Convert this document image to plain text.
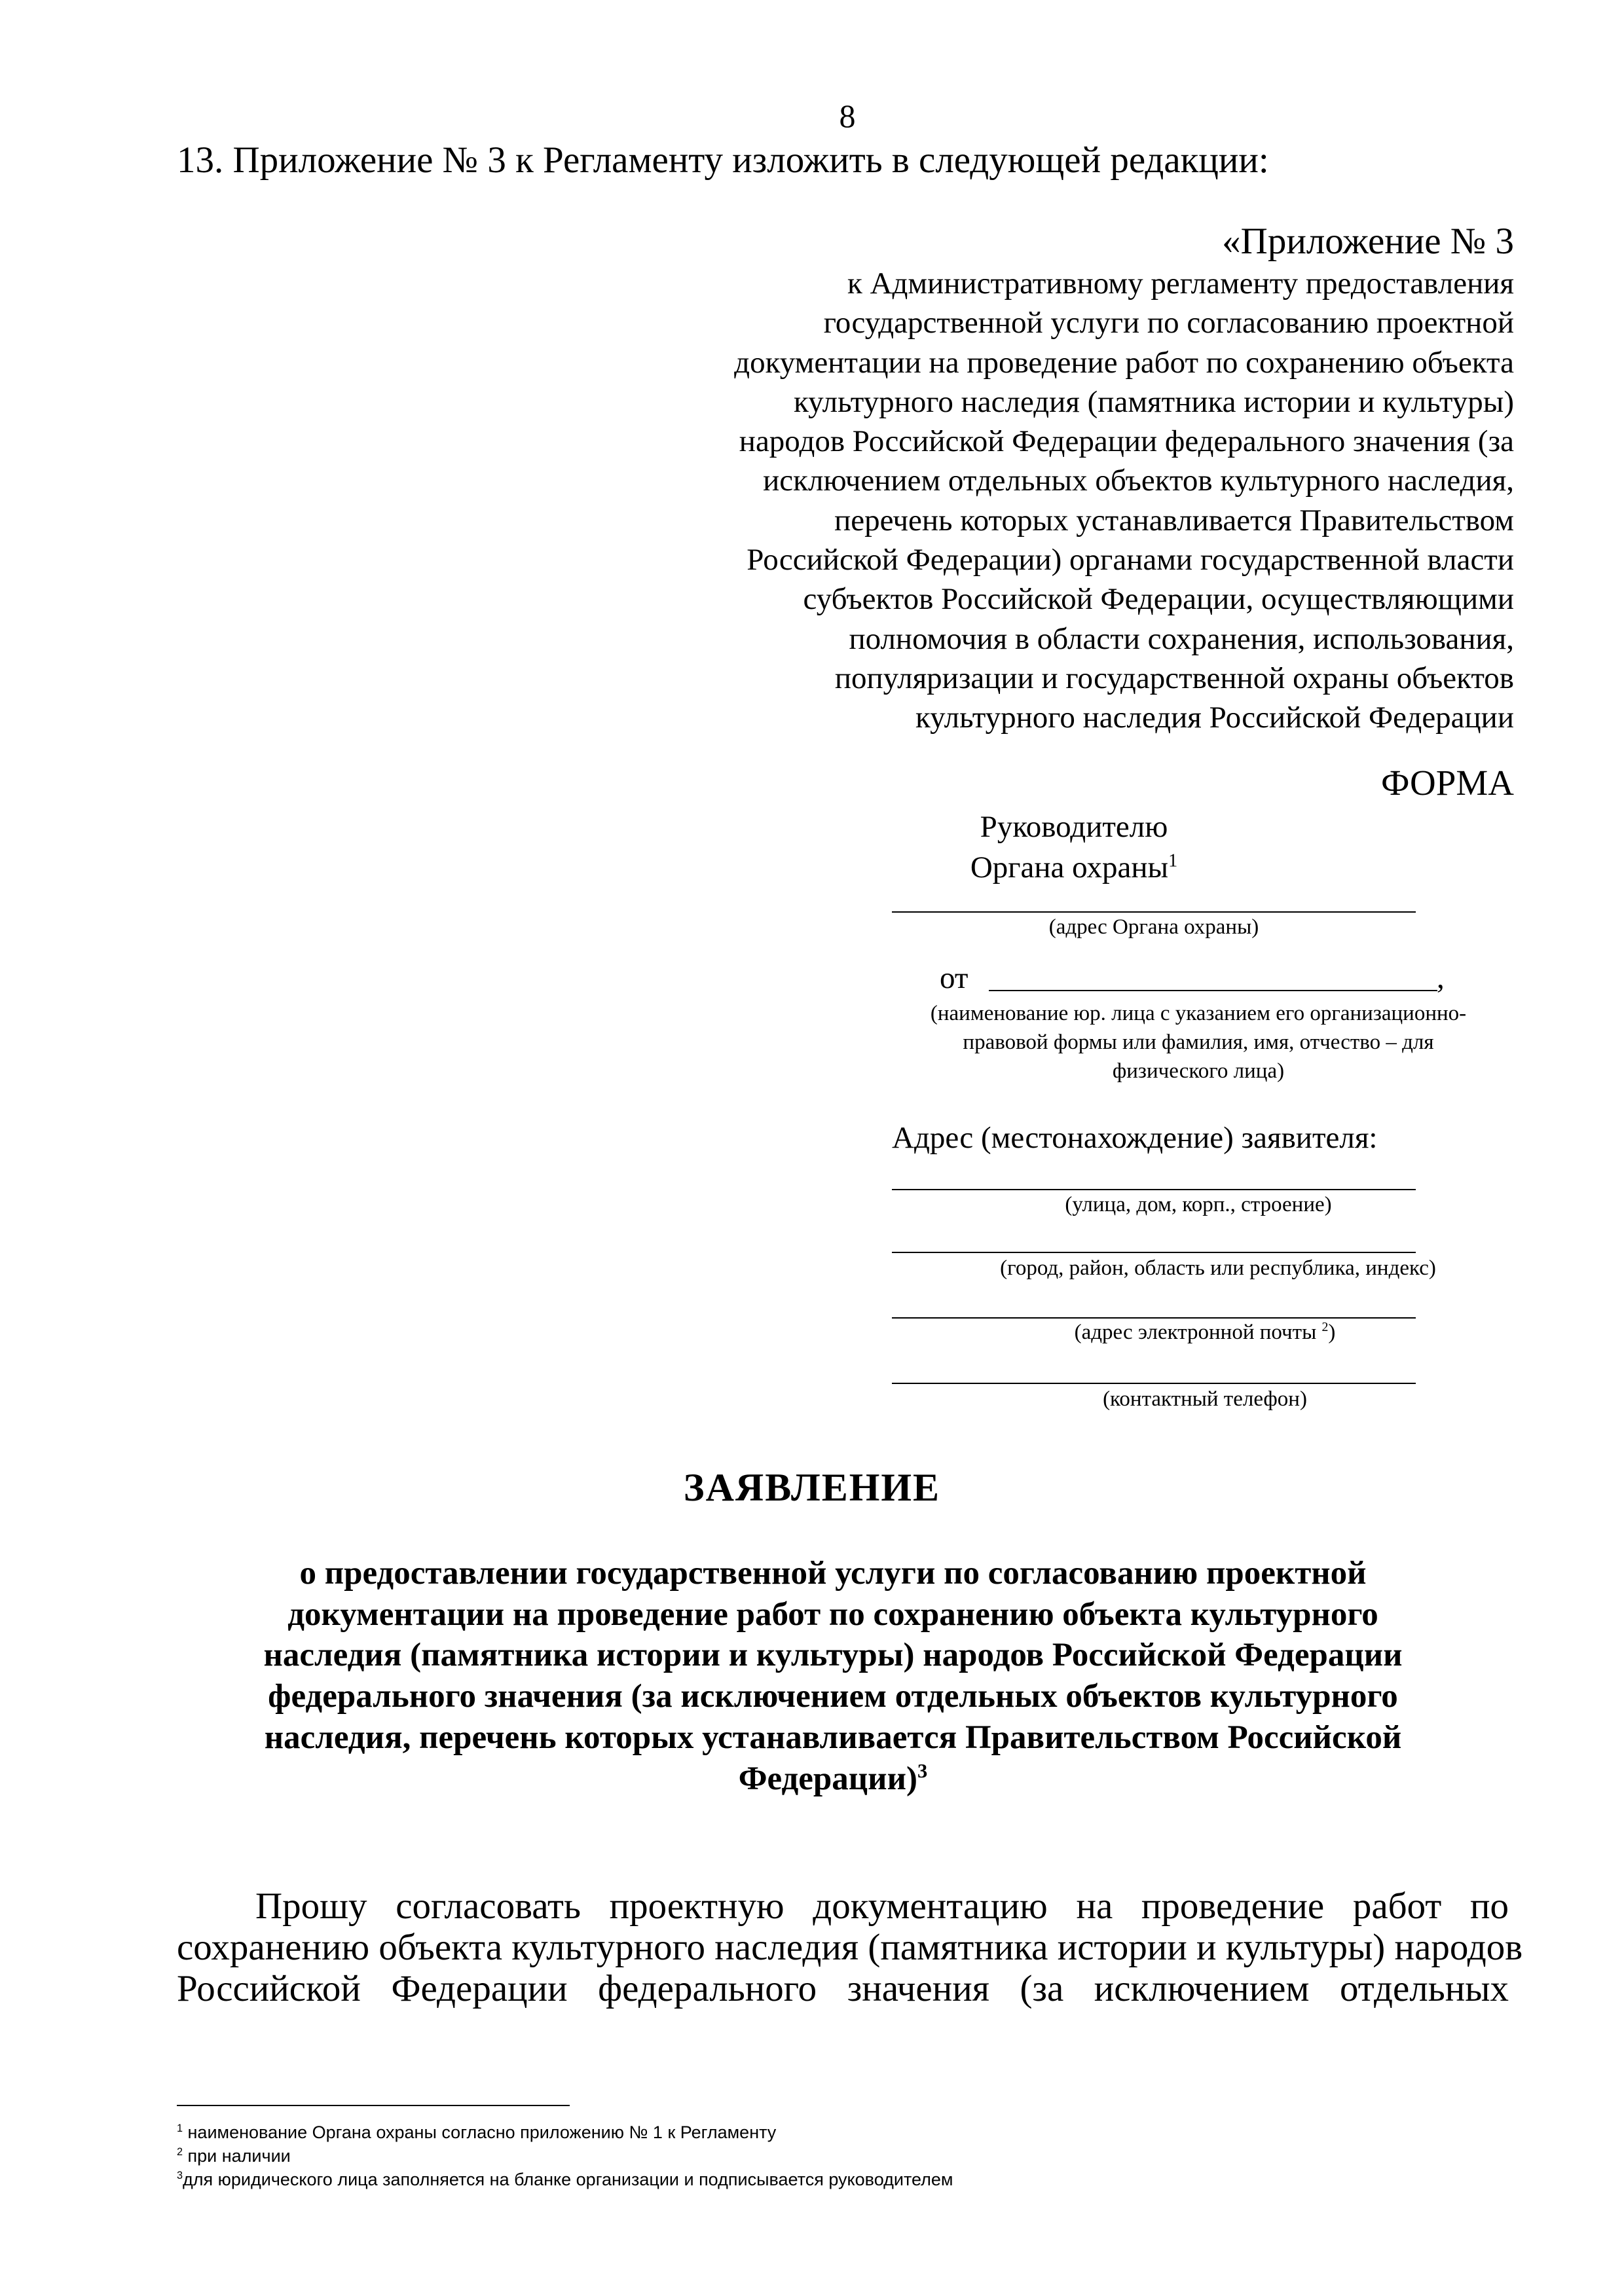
8
13. Приложение № 3 к Регламенту изложить в следующей редакции:
«Приложение № 3
к Административному регламенту предоставления
государственной услуги по согласованию проектной
документации на проведение работ по сохранению объекта
культурного наследия (памятника истории и культуры)
народов Российской Федерации федерального значения (за
исключением отдельных объектов культурного наследия,
перечень которых устанавливается Правительством
Российской Федерации) органами государственной власти
субъектов Российской Федерации, осуществляющими
полномочия в области сохранения, использования,
популяризации и государственной охраны объектов
культурного наследия Российской Федерации
ФОРМА
Руководителю
Органа охраны$^1$
(адрес Органа охраны)
от	,
(наименование юр. лица с указанием его организационно-
правовой формы или фамилия, имя, отчество – для
физического лица)
Адрес (местонахождение) заявителя:
(улица, дом, корп., строение)
(город, район, область или республика, индекс)
(адрес электронной почты $^2$)
(контактный телефон)
ЗАЯВЛЕНИЕ
о предоставлении государственной услуги по согласованию проектной
документации на проведение работ по сохранению объекта культурного
наследия (памятника истории и культуры) народов Российской Федерации
федерального значения (за исключением отдельных объектов культурного
наследия, перечень которых устанавливается Правительством Российской
Федерации)$^3$
Прошу согласовать проектную документацию на проведение работ по
сохранению объекта культурного наследия (памятника истории и культуры) народов
Российской Федерации федерального значения (за исключением отдельных
$^1$ наименование Органа охраны согласно приложению № 1 к Регламенту
$^2$ при наличии
$^3$для юридического лица заполняется на бланке организации и подписывается руководителем
